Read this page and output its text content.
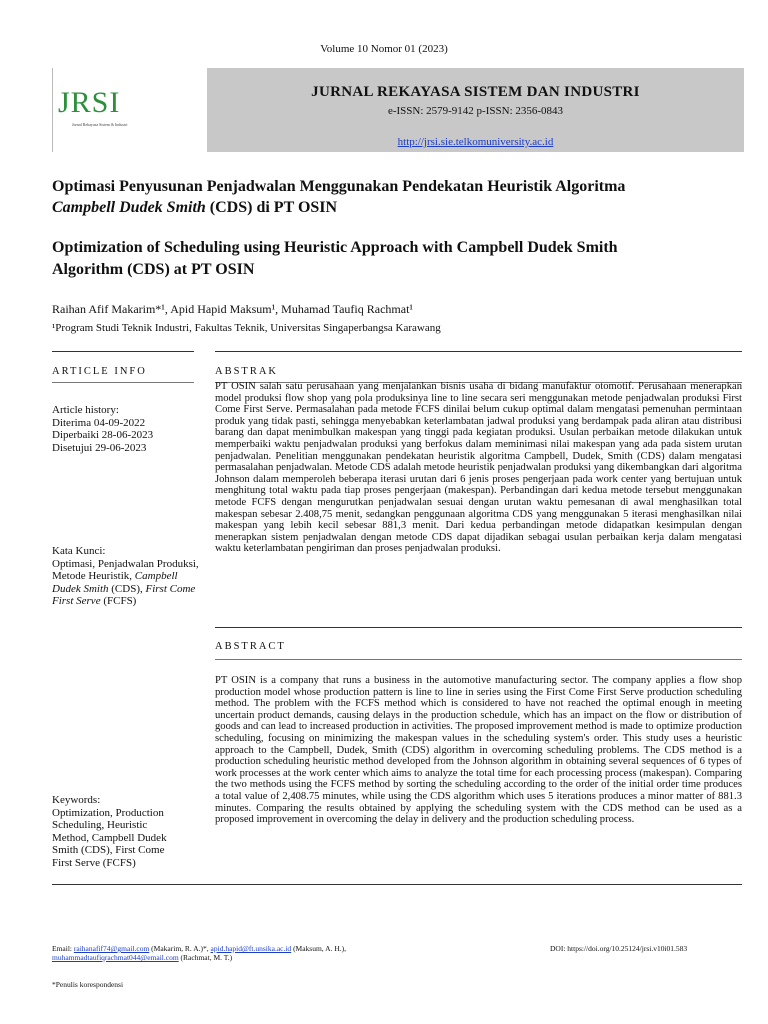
Volume 10 Nomor 01 (2023)
JRSI
Jurnal Rekayasa Sistem & Industri
JURNAL REKAYASA SISTEM DAN INDUSTRI
e-ISSN: 2579-9142 p-ISSN: 2356-0843
http://jrsi.sie.telkomuniversity.ac.id
Optimasi Penyusunan Penjadwalan Menggunakan Pendekatan Heuristik Algoritma
Campbell Dudek Smith (CDS) di PT OSIN
Optimization of Scheduling using Heuristic Approach with Campbell Dudek Smith
Algorithm (CDS) at PT OSIN
Raihan Afif Makarim*¹, Apid Hapid Maksum¹, Muhamad Taufiq Rachmat¹
¹Program Studi Teknik Industri, Fakultas Teknik, Universitas Singaperbangsa Karawang
ARTICLE INFO	ABSTRAK
Article history:
Diterima 04-09-2022
Diperbaiki 28-06-2023
Disetujui 29-06-2023
Kata Kunci:
Optimasi, Penjadwalan Produksi, Metode Heuristik, Campbell Dudek Smith (CDS), First Come First Serve (FCFS)
PT OSIN salah satu perusahaan yang menjalankan bisnis usaha di bidang manufaktur otomotif. Perusahaan menerapkan model produksi flow shop yang pola produksinya line to line secara seri menggunakan metode penjadwalan produksi First Come First Serve. Permasalahan pada metode FCFS dinilai belum cukup optimal dalam mengatasi pemenuhan permintaan produk yang tidak pasti, sehingga menyebabkan keterlambatan jadwal produksi yang berdampak pada aliran atau distribusi barang dan dapat menimbulkan makespan yang tinggi pada kegiatan produksi. Usulan perbaikan metode dilakukan untuk memperbaiki waktu penjadwalan produksi yang berfokus dalam meminimasi nilai makespan yang ada pada sistem urutan penjadwalan. Penelitian menggunakan pendekatan heuristik algoritma Campbell, Dudek, Smith (CDS) dalam mengatasi permasalahan penjadwalan. Metode CDS adalah metode heuristik penjadwalan produksi yang dikembangkan dari algoritma Johnson dalam memperoleh beberapa iterasi urutan dari 6 jenis proses pengerjaan pada work center yang bertujuan untuk menghitung total waktu pada tiap proses pengerjaan (makespan). Perbandingan dari kedua metode tersebut menggunakan metode FCFS dengan mengurutkan penjadwalan sesuai dengan urutan waktu pemesanan di awal menghasilkan total makespan sebesar 2.408,75 menit, sedangkan penggunaan algoritma CDS yang menggunakan 5 iterasi menghasilkan nilai makespan yang lebih kecil sebesar 881,3 menit. Dari kedua perbandingan metode didapatkan kesimpulan dengan menerapkan sistem penjadwalan dengan metode CDS dapat dijadikan sebagai usulan perbaikan kerja dalam mengatasi waktu keterlambatan pengiriman dan proses penjadwalan produksi.
ABSTRACT
Keywords:
Optimization, Production Scheduling, Heuristic Method, Campbell Dudek Smith (CDS), First Come First Serve (FCFS)
PT OSIN is a company that runs a business in the automotive manufacturing sector. The company applies a flow shop production model whose production pattern is line to line in series using the First Come First Serve production scheduling method. The problem with the FCFS method which is considered to have not reached the optimal enough in meeting uncertain product demands, causing delays in the production schedule, which has an impact on the flow or distribution of goods and can lead to increased production in activities. The proposed improvement method is made to optimize production scheduling, focusing on minimizing the makespan values in the scheduling system's order. This study uses a heuristic approach to the Campbell, Dudek, Smith (CDS) algorithm in overcoming scheduling problems. The CDS method is a production scheduling heuristic method developed from the Johnson algorithm in obtaining several sequences of 6 types of work processes at the work center which aims to analyze the total time for each processing process (makespan). Comparing the two methods using the FCFS method by sorting the scheduling according to the order of the initial order time produces a total value of 2,408.75 minutes, while using the CDS algorithm which uses 5 iterations produces a minor matter of 881.3 minutes. Comparing the results obtained by applying the scheduling system with the CDS method can be used as a proposed improvement in overcoming the delay in delivery and the production scheduling process.
Email: raihanafif74@gmail.com (Makarim, R. A.)*, apid.hapid@ft.unsika.ac.id (Maksum, A. H.),
muhammadtaufiqrachmat044@email.com (Rachmat, M. T.)
DOI: https://doi.org/10.25124/jrsi.v10i01.583
*Penulis korespondensi
